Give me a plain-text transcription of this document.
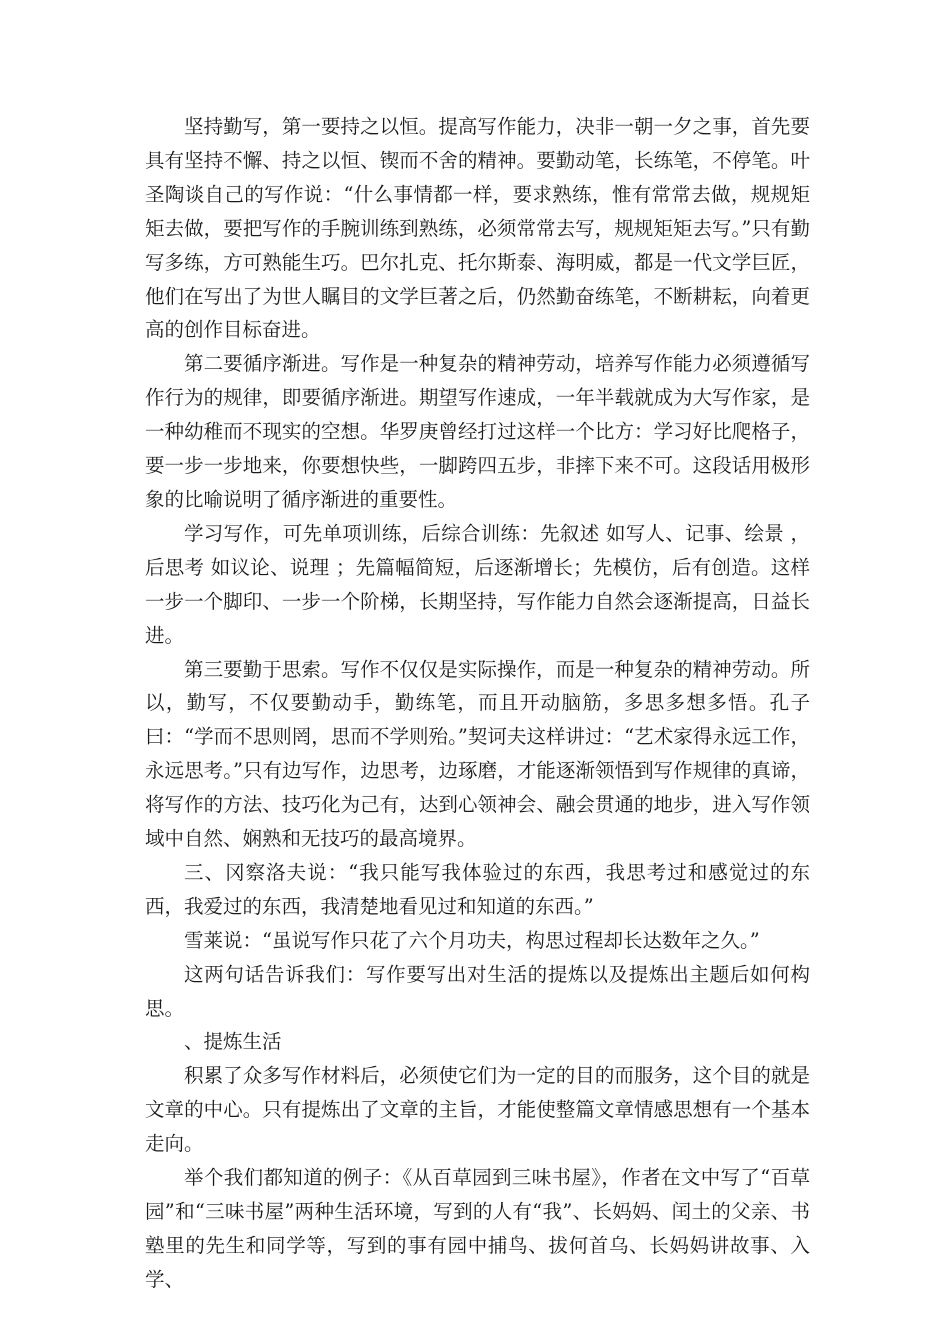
坚持勤写，第一要持之以恒。提高写作能力，决非一朝一夕之事，首先要具有坚持不懈、持之以恒、锲而不舍的精神。要勤动笔，长练笔，不停笔。叶圣陶谈自己的写作说：“什么事情都一样，要求熟练，惟有常常去做，规规矩矩去做，要把写作的手腕训练到熟练，必须常常去写，规规矩矩去写。”只有勤写多练，方可熟能生巧。巴尔扎克、托尔斯泰、海明威，都是一代文学巨匠，他们在写出了为世人瞩目的文学巨著之后，仍然勤奋练笔，不断耕耘，向着更高的创作目标奋进。

第二要循序渐进。写作是一种复杂的精神劳动，培养写作能力必须遵循写作行为的规律，即要循序渐进。期望写作速成，一年半载就成为大写作家，是一种幼稚而不现实的空想。华罗庚曾经打过这样一个比方：学习好比爬格子，要一步一步地来，你要想快些，一脚跨四五步，非摔下来不可。这段话用极形象的比喻说明了循序渐进的重要性。

学习写作，可先单项训练，后综合训练：先叙述 如写人、记事、绘景 ，后思考 如议论、说理 ；先篇幅简短，后逐渐增长；先模仿，后有创造。这样一步一个脚印、一步一个阶梯，长期坚持，写作能力自然会逐渐提高，日益长进。

第三要勤于思索。写作不仅仅是实际操作，而是一种复杂的精神劳动。所以，勤写，不仅要勤动手，勤练笔，而且开动脑筋，多思多想多悟。孔子曰：“学而不思则罔，思而不学则殆。”契诃夫这样讲过：“艺术家得永远工作，永远思考。”只有边写作，边思考，边琢磨，才能逐渐领悟到写作规律的真谛，将写作的方法、技巧化为己有，达到心领神会、融会贯通的地步，进入写作领域中自然、娴熟和无技巧的最高境界。

三、冈察洛夫说：“我只能写我体验过的东西，我思考过和感觉过的东西，我爱过的东西，我清楚地看见过和知道的东西。”

雪莱说：“虽说写作只花了六个月功夫，构思过程却长达数年之久。”

这两句话告诉我们：写作要写出对生活的提炼以及提炼出主题后如何构思。

、提炼生活

积累了众多写作材料后，必须使它们为一定的目的而服务，这个目的就是文章的中心。只有提炼出了文章的主旨，才能使整篇文章情感思想有一个基本走向。

举个我们都知道的例子：《从百草园到三味书屋》，作者在文中写了“百草园”和“三味书屋”两种生活环境，写到的人有“我”、长妈妈、闰土的父亲、书塾里的先生和同学等，写到的事有园中捕鸟、拔何首乌、长妈妈讲故事、入学、
